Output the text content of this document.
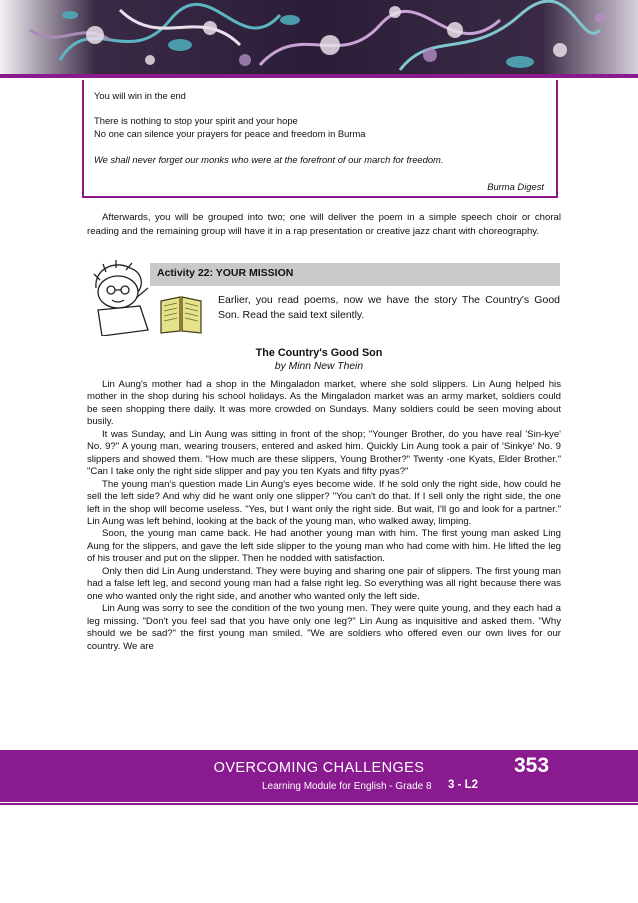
You will win in the end

There is nothing to stop your spirit and your hope

No one can silence your prayers for peace and freedom in Burma

We shall never forget our monks who were at the forefront of our march for freedom.

Burma Digest

Afterwards, you will be grouped into two; one will deliver the poem in a simple speech choir or choral reading and the remaining group will have it in a rap presentation or creative jazz chant with choreography.

Activity 22: YOUR MISSION

Earlier, you read poems, now we have the story The Country's Good Son. Read the said text silently.

The Country's Good Son
by Minn New Thein

Lin Aung's mother had a shop in the Mingaladon market, where she sold slippers. Lin Aung helped his mother in the shop during his school holidays. As the Mingaladon market was an army market, soldiers could be seen shopping there daily. It was more crowded on Sundays. Many soldiers could be seen moving about busily.

It was Sunday, and Lin Aung was sitting in front of the shop; "Younger Brother, do you have real 'Sin-kye' No. 9?" A young man, wearing trousers, entered and asked him. Quickly Lin Aung took a pair of 'Sinkye' No. 9 slippers and showed them. "How much are these slippers, Young Brother?" Twenty -one Kyats, Elder Brother." "Can I take only the right side slipper and pay you ten Kyats and fifty pyas?"

The young man's question made Lin Aung's eyes become wide. If he sold only the right side, how could he sell the left side? And why did he want only one slipper? "You can't do that. If I sell only the right side, the one left in the shop will become useless. "Yes, but I want only the right side. But wait, I'll go and look for a partner." Lin Aung was left behind, looking at the back of the young man, who walked away, limping.

Soon, the young man came back. He had another young man with him. The first young man asked Ling Aung for the slippers, and gave the left side slipper to the young man who had come with him. He lifted the leg of his trouser and put on the slipper. Then he nodded with satisfaction.

Only then did Lin Aung understand. They were buying and sharing one pair of slippers. The first young man had a false left leg, and second young man had a false right leg. So everything was all right because there was one who wanted only the right side, and another who wanted only the left side.

Lin Aung was sorry to see the condition of the two young men. They were quite young, and they each had a leg missing. "Don't you feel sad that you have only one leg?" Lin Aung as inquisitive and asked them. "Why should we be sad?" the first young man smiled. "We are soldiers who offered even our own lives for our country. We are

OVERCOMING CHALLENGES
Learning Module for English - Grade 8 3 - L2
353
